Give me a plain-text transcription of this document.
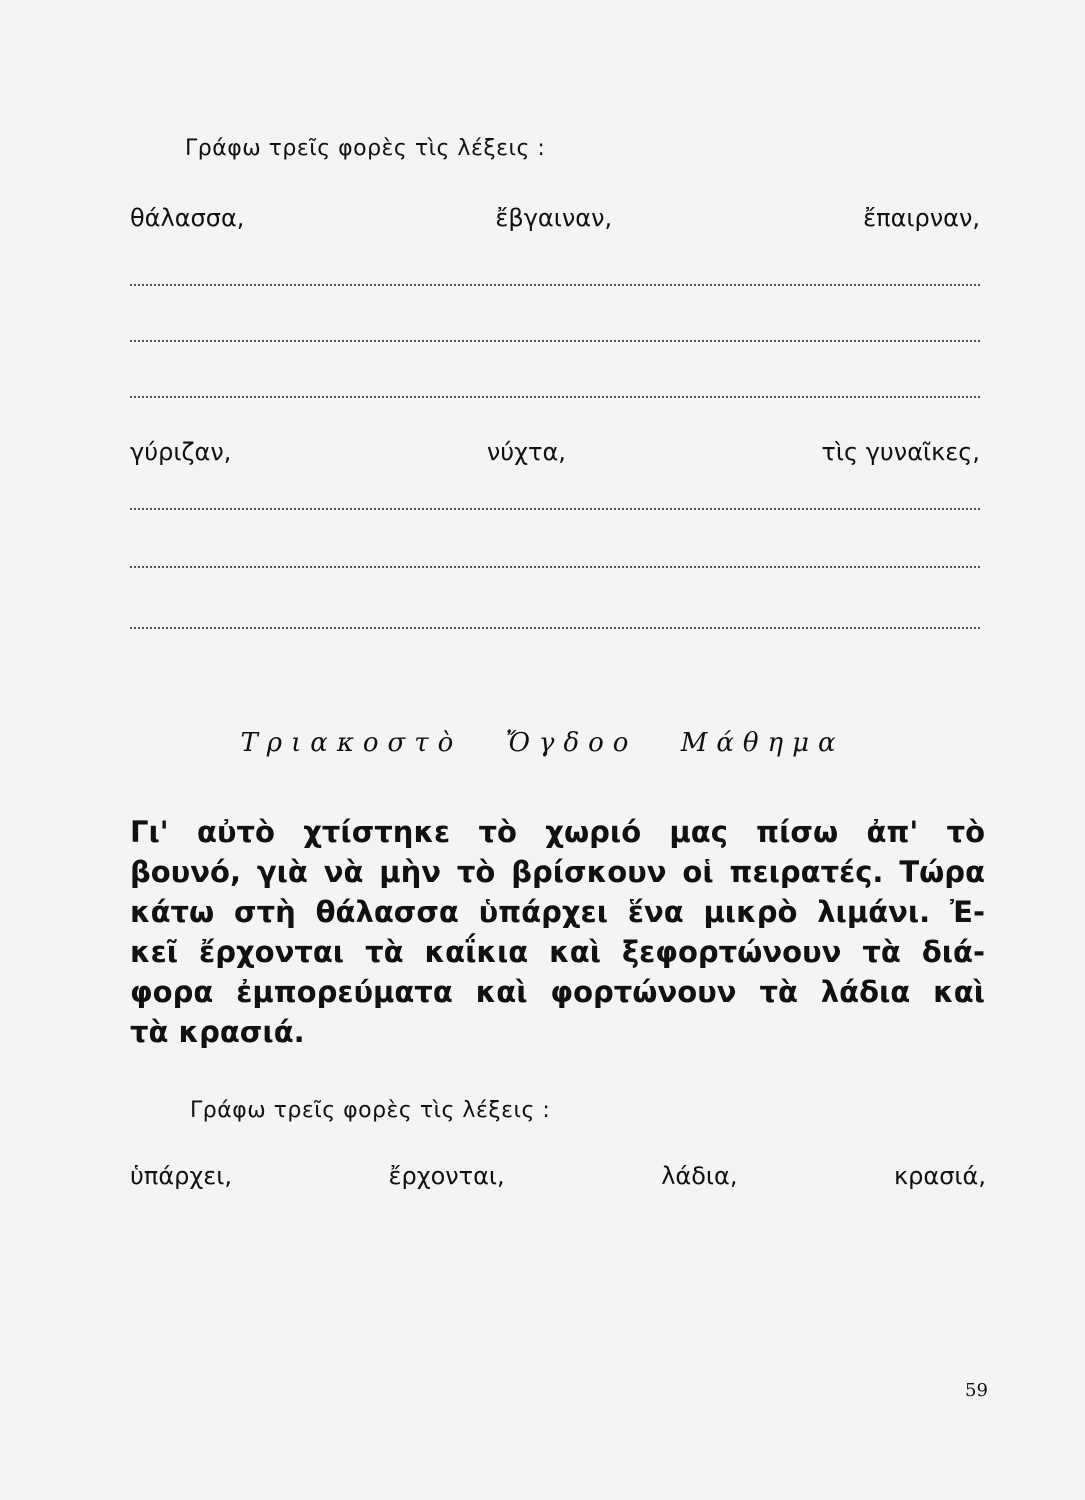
Γράφω τρεῖς φορὲς τὶς λέξεις :
θάλασσα,	ἔβγαιναν,	ἔπαιρναν,
γύριζαν,	νύχτα,	τὶς γυναῖκες,
Τριακοστὸ Ὄγδοο Μάθημα
Γι' αὐτὸ χτίστηκε τὸ χωριό μας πίσω ἀπ' τὸ
βουνό, γιὰ νὰ μὴν τὸ βρίσκουν οἱ πειρατές. Τώρα
κάτω στὴ θάλασσα ὑπάρχει ἕνα μικρὸ λιμάνι. Ἐ-
κεῖ ἔρχονται τὰ καΐκια καὶ ξεφορτώνουν τὰ διά-
φορα ἐμπορεύματα καὶ φορτώνουν τὰ λάδια καὶ
τὰ κρασιά.
Γράφω τρεῖς φορὲς τὶς λέξεις :
ὑπάρχει,	ἔρχονται,	λάδια,	κρασιά,
59
